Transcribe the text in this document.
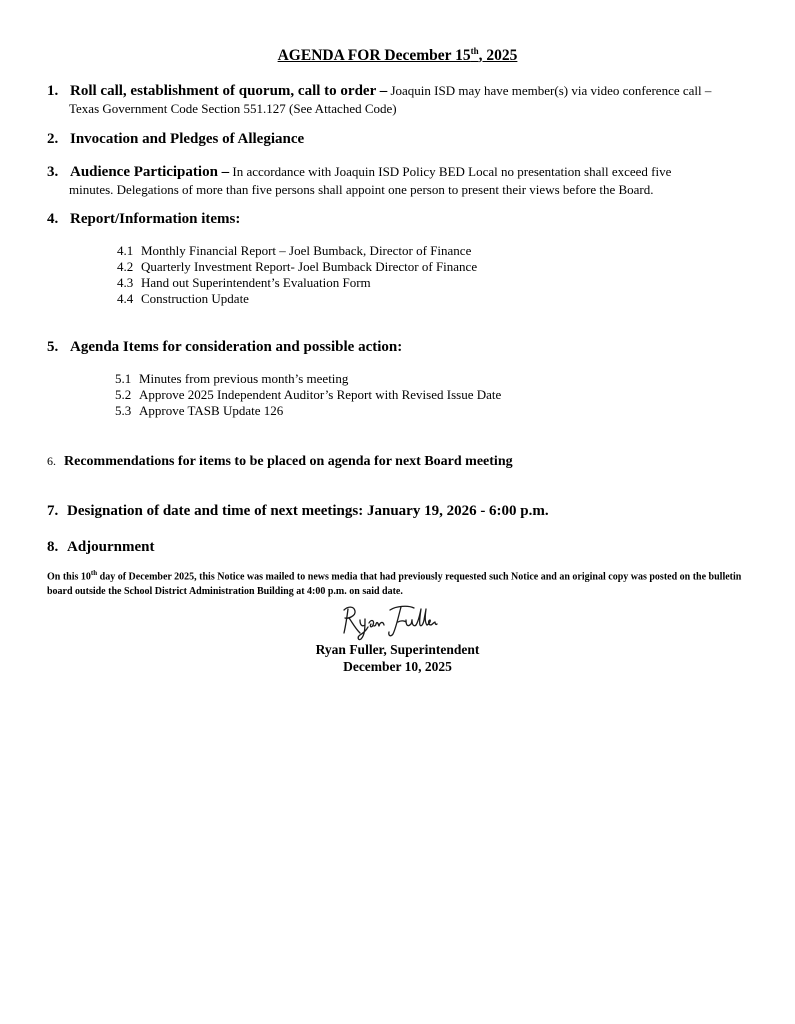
AGENDA FOR December 15th, 2025
1. Roll call, establishment of quorum, call to order – Joaquin ISD may have member(s) via video conference call –
Texas Government Code Section 551.127 (See Attached Code)
2. Invocation and Pledges of Allegiance
3. Audience Participation – In accordance with Joaquin ISD Policy BED Local no presentation shall exceed five
minutes. Delegations of more than five persons shall appoint one person to present their views before the Board.
4. Report/Information items:
4.1 Monthly Financial Report – Joel Bumback, Director of Finance
4.2 Quarterly Investment Report- Joel Bumback Director of Finance
4.3 Hand out Superintendent’s Evaluation Form
4.4 Construction Update
5. Agenda Items for consideration and possible action:
5.1 Minutes from previous month’s meeting
5.2 Approve 2025 Independent Auditor’s Report with Revised Issue Date
5.3 Approve TASB Update 126
6. Recommendations for items to be placed on agenda for next Board meeting
7. Designation of date and time of next meetings: January 19, 2026 - 6:00 p.m.
8. Adjournment
On this 10th day of December 2025, this Notice was mailed to news media that had previously requested such Notice and an original copy was posted on the bulletin board outside the School District Administration Building at 4:00 p.m. on said date.
Ryan Fuller, Superintendent
December 10, 2025
